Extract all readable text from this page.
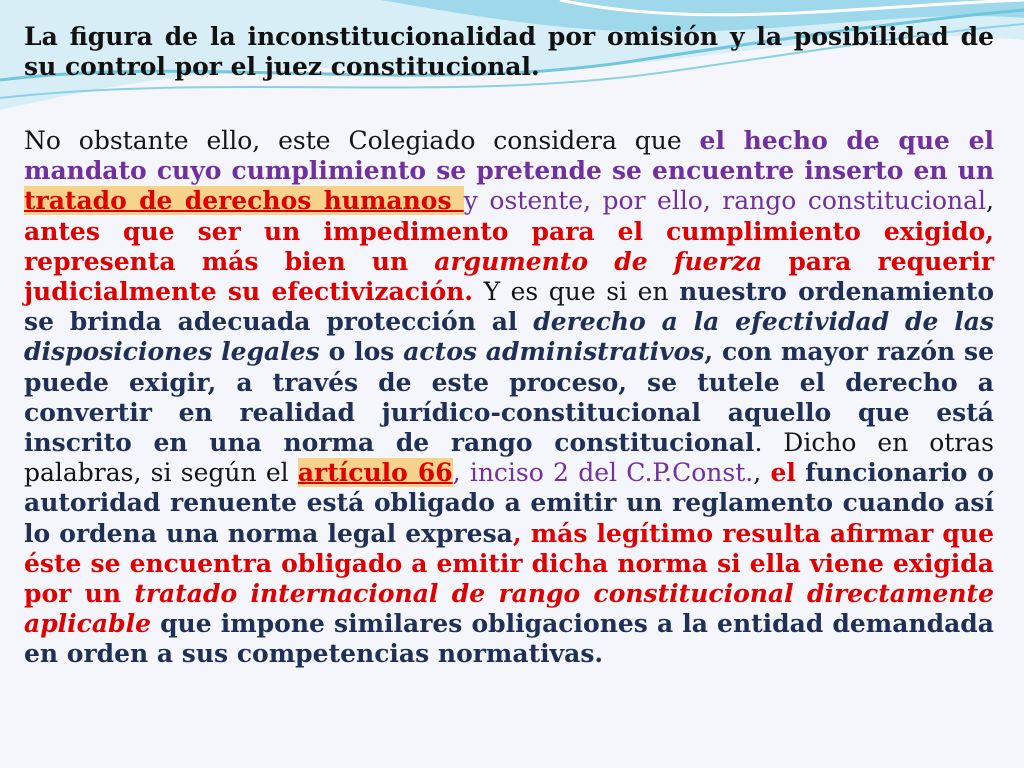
La figura de la inconstitucionalidad por omisión y la posibilidad de su control por el juez constitucional.

No obstante ello, este Colegiado considera que el hecho de que el mandato cuyo cumplimiento se pretende se encuentre inserto en un tratado de derechos humanos y ostente, por ello, rango constitucional, antes que ser un impedimento para el cumplimiento exigido, representa más bien un argumento de fuerza para requerir judicialmente su efectivización. Y es que si en nuestro ordenamiento se brinda adecuada protección al derecho a la efectividad de las disposiciones legales o los actos administrativos, con mayor razón se puede exigir, a través de este proceso, se tutele el derecho a convertir en realidad jurídico-constitucional aquello que está inscrito en una norma de rango constitucional. Dicho en otras palabras, si según el artículo 66, inciso 2 del C.P.Const., el funcionario o autoridad renuente está obligado a emitir un reglamento cuando así lo ordena una norma legal expresa, más legítimo resulta afirmar que éste se encuentra obligado a emitir dicha norma si ella viene exigida por un tratado internacional de rango constitucional directamente aplicable que impone similares obligaciones a la entidad demandada en orden a sus competencias normativas.
